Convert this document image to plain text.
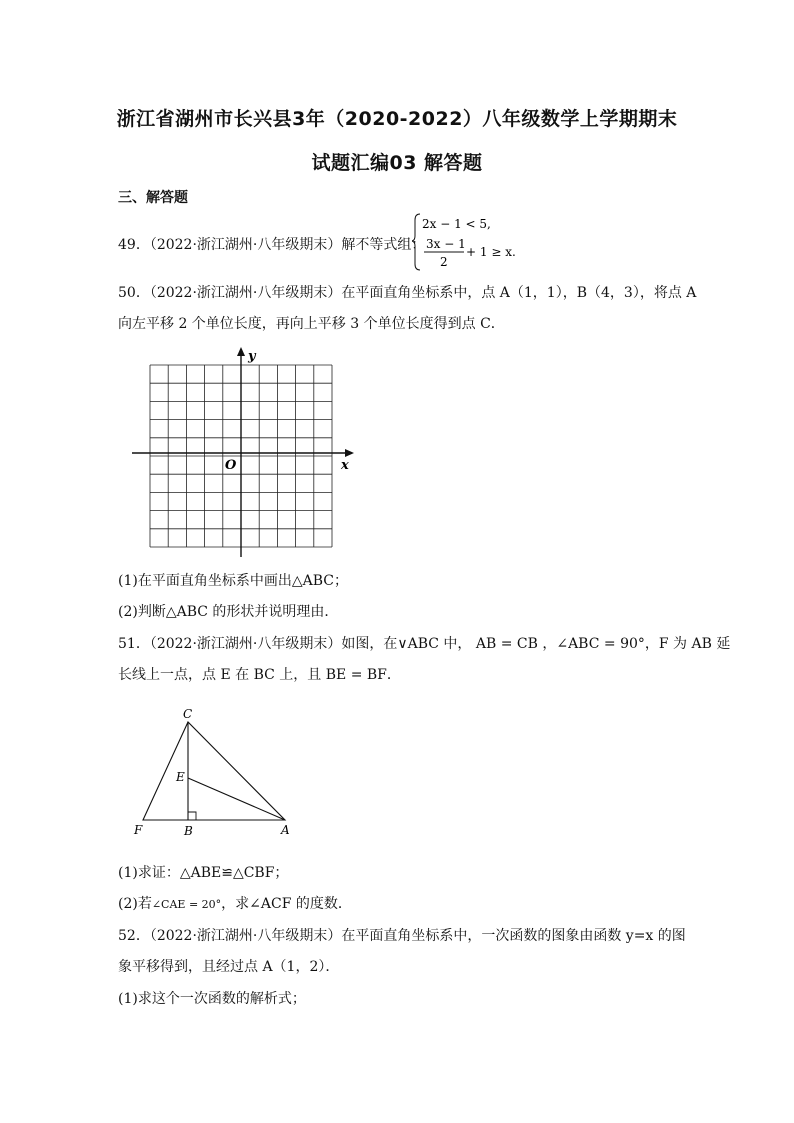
浙江省湖州市长兴县3年（2020-2022）八年级数学上学期期末
试题汇编03 解答题
三、解答题
49．（2022·浙江湖州·八年级期末）解不等式组：
2x − 1 < 5,
3x − 1
2
+ 1 ≥ x.
50．（2022·浙江湖州·八年级期末）在平面直角坐标系中，点 A（1，1），B（4，3），将点 A
向左平移 2 个单位长度，再向上平移 3 个单位长度得到点 C．
x
y
O
(1)在平面直角坐标系中画出△ABC；
(2)判断△ABC 的形状并说明理由．
51．（2022·浙江湖州·八年级期末）如图，在∨ABC 中， AB = CB ，∠ABC = 90°，F 为 AB 延
长线上一点，点 E 在 BC 上，且 BE = BF．
C
E
F	B	A
(1)求证：△ABE≌△CBF；
(2)若∠CAE = 20°，求∠ACF 的度数．
52．（2022·浙江湖州·八年级期末）在平面直角坐标系中，一次函数的图象由函数 y=x 的图
象平移得到，且经过点 A（1，2）．
(1)求这个一次函数的解析式；
